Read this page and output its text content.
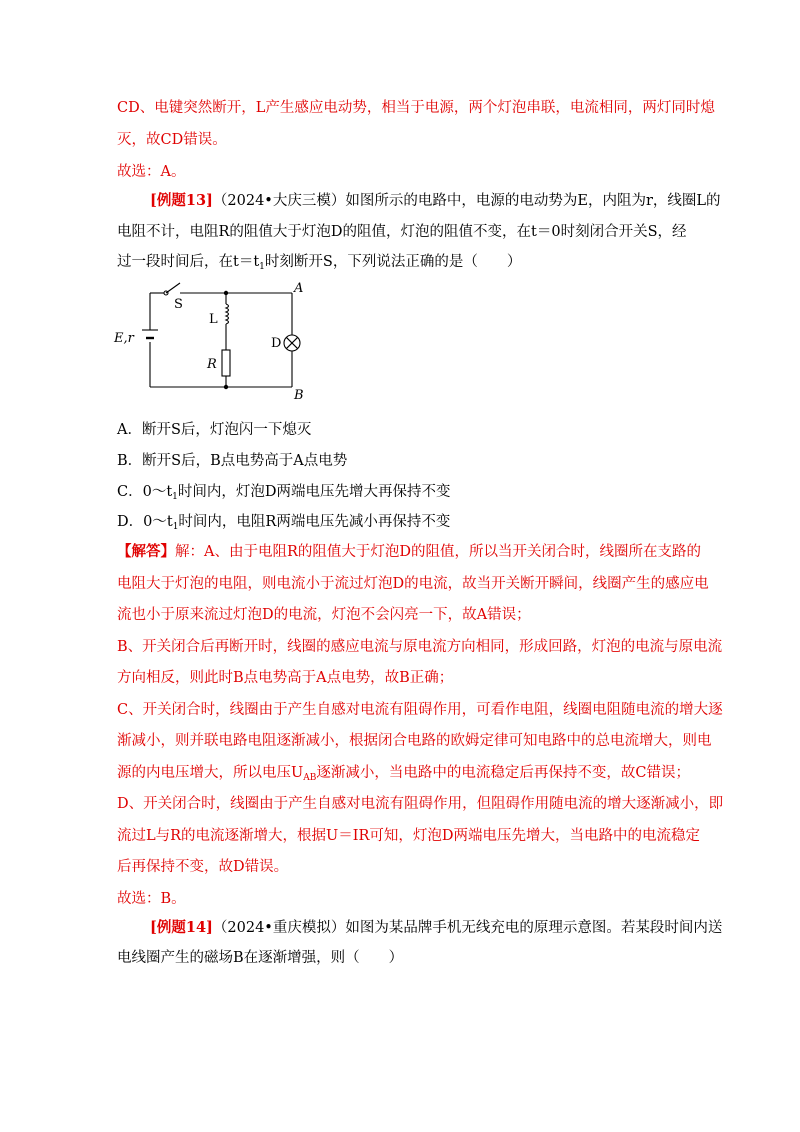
CD、电键突然断开，L产生感应电动势，相当于电源，两个灯泡串联，电流相同，两灯同时熄
灭，故CD错误。
故选：A。
[例题13]（2024•大庆三模）如图所示的电路中，电源的电动势为E，内阻为r，线圈L的
电阻不计，电阻R的阻值大于灯泡D的阻值，灯泡的阻值不变，在t＝0时刻闭合开关S，经
过一段时间后，在$t=t_1$时刻断开S，下列说法正确的是（　　）
S
A
L
E,r	D
R
B
A．断开S后，灯泡闪一下熄灭
B．断开S后，B点电势高于A点电势
C．$0\sim t_1$时间内，灯泡D两端电压先增大再保持不变
D．$0\sim t_1$时间内，电阻R两端电压先减小再保持不变
【解答】解：A、由于电阻R的阻值大于灯泡D的阻值，所以当开关闭合时，线圈所在支路的
电阻大于灯泡的电阻，则电流小于流过灯泡D的电流，故当开关断开瞬间，线圈产生的感应电
流也小于原来流过灯泡D的电流，灯泡不会闪亮一下，故A错误；
B、开关闭合后再断开时，线圈的感应电流与原电流方向相同，形成回路，灯泡的电流与原电流
方向相反，则此时B点电势高于A点电势，故B正确；
C、开关闭合时，线圈由于产生自感对电流有阻碍作用，可看作电阻，线圈电阻随电流的增大逐
渐减小，则并联电路电阻逐渐减小，根据闭合电路的欧姆定律可知电路中的总电流增大，则电
源的内电压增大，所以电压$U_{AB}$逐渐减小，当电路中的电流稳定后再保持不变，故C错误；
D、开关闭合时，线圈由于产生自感对电流有阻碍作用，但阻碍作用随电流的增大逐渐减小，即
流过L与R的电流逐渐增大，根据U＝IR可知，灯泡D两端电压先增大，当电路中的电流稳定
后再保持不变，故D错误。
故选：B。
[例题14]（2024•重庆模拟）如图为某品牌手机无线充电的原理示意图。若某段时间内送
电线圈产生的磁场B在逐渐增强，则（　　）
